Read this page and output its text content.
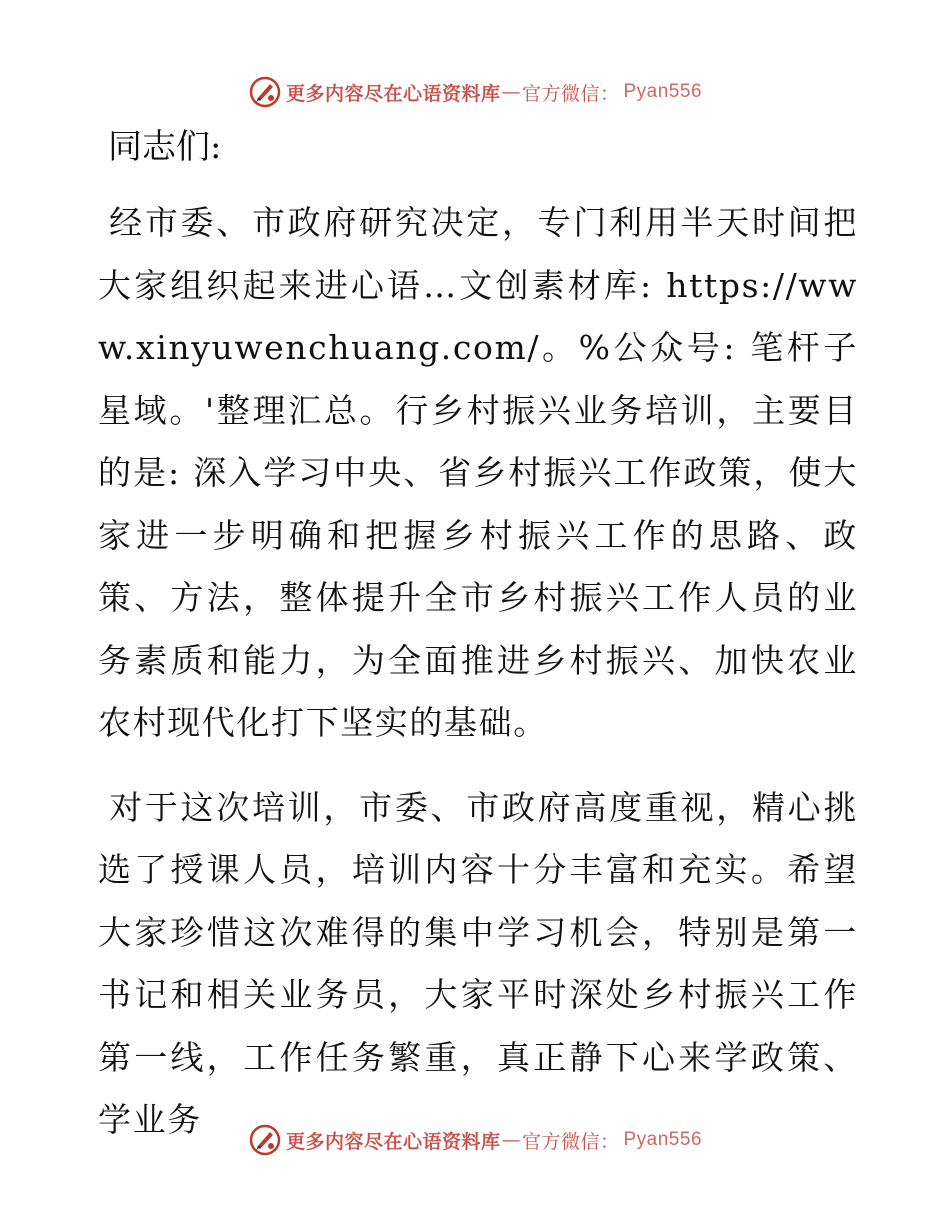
更多内容尽在心语资料库 — 官方微信： Pyan556
同志们:

经市委、市政府研究决定，专门利用半天时间把大家组织起来进心语…文创素材库: https://www.xinyuwenchuang.com/。%公众号: 笔杆子星域。'整理汇总。行乡村振兴业务培训，主要目的是: 深入学习中央、省乡村振兴工作政策，使大家进一步明确和把握乡村振兴工作的思路、政策、方法，整体提升全市乡村振兴工作人员的业务素质和能力，为全面推进乡村振兴、加快农业农村现代化打下坚实的基础。

对于这次培训，市委、市政府高度重视，精心挑选了授课人员，培训内容十分丰富和充实。希望大家珍惜这次难得的集中学习机会，特别是第一书记和相关业务员，大家平时深处乡村振兴工作第一线，工作任务繁重，真正静下心来学政策、学业务

更多内容尽在心语资料库 — 官方微信： Pyan556
